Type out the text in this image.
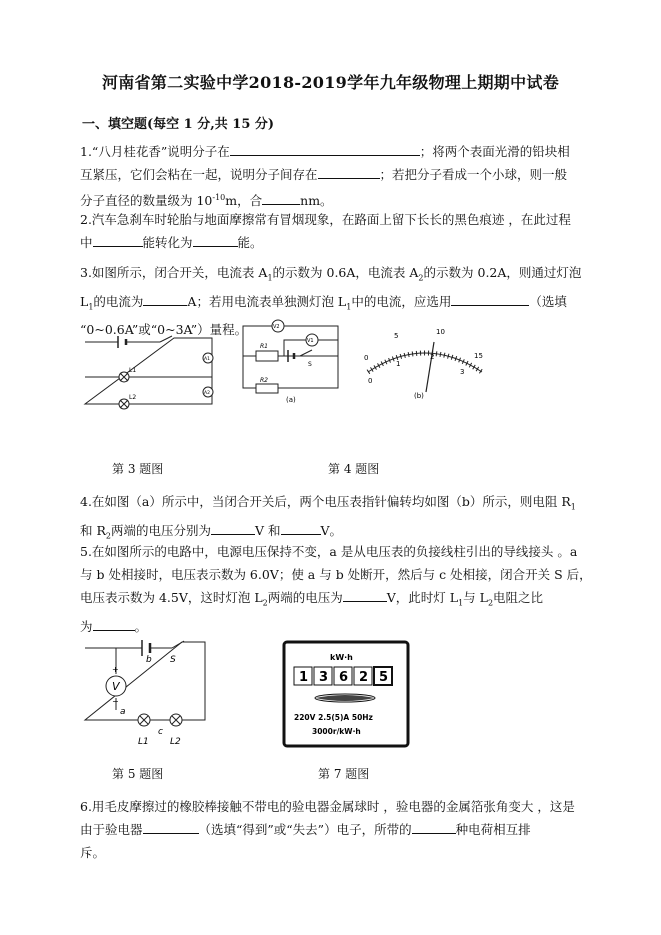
河南省第二实验中学2018-2019学年九年级物理上期期中试卷
一、填空题(每空 1 分,共 15 分)
1.“八月桂花香”说明分子在	；将两个表面光滑的铅块相
互紧压，它们会粘在一起，说明分子间存在	；若把分子看成一个小球，则一般
分子直径的数量级为 $10^{-10}m$，合	nm。
2.汽车急刹车时轮胎与地面摩擦常有冒烟现象，在路面上留下长长的黑色痕迹 ，在此过程
中	能转化为	能。
3.如图所示，闭合开关，电流表 $A_1$的示数为 0.6A，电流表 $A_2$的示数为 0.2A，则通过灯泡
$L_1$的电流为	A；若用电流表单独测灯泡 $L_1$中的电流，应选用	（选填
“0~0.6A”或“0~3A”）量程。
L1
L2
A1
A2
V2
V1
R1
R2
S
(a)
0
1
2
3
0
5	10
15
(b)
第 3 题图	第 4 题图
4.在如图（a）所示中，当闭合开关后，两个电压表指针偏转均如图（b）所示，则电阻 $R_1$
和 $R_2$两端的电压分别为	V 和	V。
5.在如图所示的电路中，电源电压保持不变，a 是从电压表的负接线柱引出的导线接头 。a
与 b 处相接时，电压表示数为 6.0V；使 a 与 b 处断开，然后与 c 处相接，闭合开关 S 后，
电压表示数为 4.5V，这时灯泡 $L_2$两端的电压为	V，此时灯 $L_1$与 $L_2$电阻之比
为	。
V
+
−
a
b
c
S
L1 L2
kW·h
1 3 6 2 5
220V 2.5(5)A 50Hz
3000r/kW·h
第 5 题图	第 7 题图
6.用毛皮摩擦过的橡胶棒接触不带电的验电器金属球时 ，验电器的金属箔张角变大 ，这是
由于验电器	（选填“得到”或“失去”）电子，所带的	种电荷相互排
斥。
